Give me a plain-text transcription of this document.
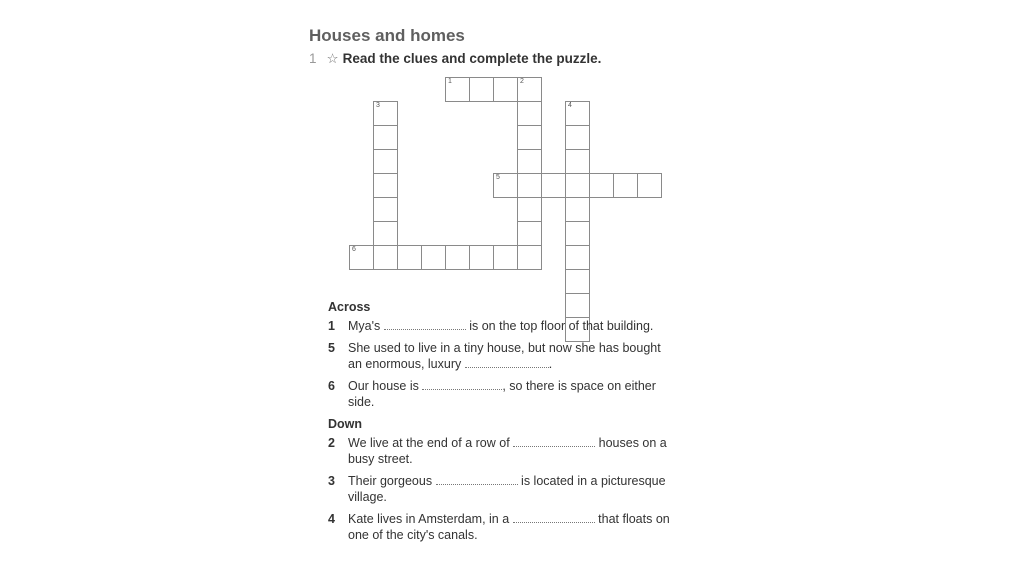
Houses and homes
1 ☆ Read the clues and complete the puzzle.
1	2
3	4
5
6
Across
1 Mya's	is on the top floor of that building.
5 She used to live in a tiny house, but now she has bought an enormous, luxury	.
6 Our house is	, so there is space on either side.
Down
2 We live at the end of a row of	houses on a busy street.
3 Their gorgeous	is located in a picturesque village.
4 Kate lives in Amsterdam, in a	that floats on one of the city's canals.
